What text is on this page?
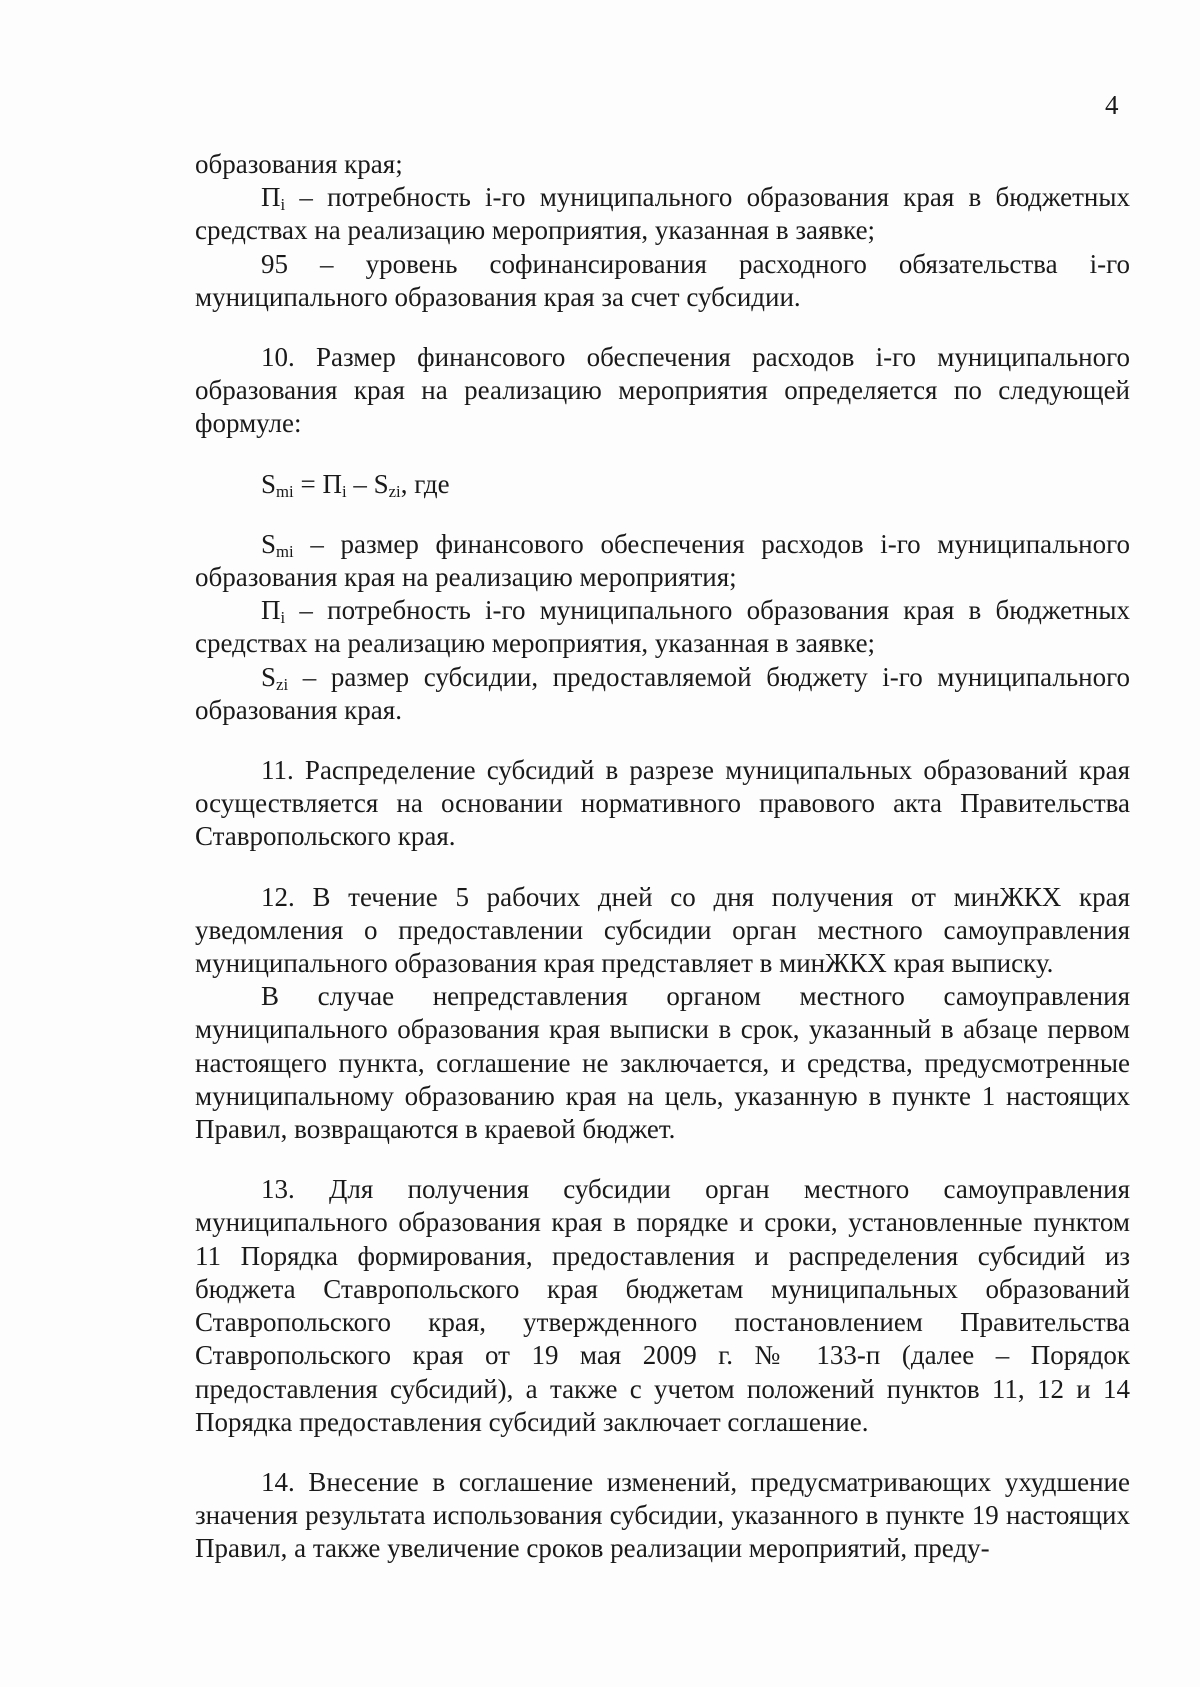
4

образования края;

$П_i$ – потребность i-го муниципального образования края в бюджетных средствах на реализацию мероприятия, указанная в заявке;

95 – уровень софинансирования расходного обязательства i-го муниципального образования края за счет субсидии.

10. Размер финансового обеспечения расходов i-го муниципального образования края на реализацию мероприятия определяется по следующей формуле:

$S_{mi} = П_i - S_{zi}$, где

$S_{mi}$ – размер финансового обеспечения расходов i-го муниципального образования края на реализацию мероприятия;

$П_i$ – потребность i-го муниципального образования края в бюджетных средствах на реализацию мероприятия, указанная в заявке;

$S_{zi}$ – размер субсидии, предоставляемой бюджету i-го муниципального образования края.

11. Распределение субсидий в разрезе муниципальных образований края осуществляется на основании нормативного правового акта Правительства Ставропольского края.

12. В течение 5 рабочих дней со дня получения от минЖКХ края уведомления о предоставлении субсидии орган местного самоуправления муниципального образования края представляет в минЖКХ края выписку.

В случае непредставления органом местного самоуправления муниципального образования края выписки в срок, указанный в абзаце первом настоящего пункта, соглашение не заключается, и средства, предусмотренные муниципальному образованию края на цель, указанную в пункте 1 настоящих Правил, возвращаются в краевой бюджет.

13. Для получения субсидии орган местного самоуправления муниципального образования края в порядке и сроки, установленные пунктом 11 Порядка формирования, предоставления и распределения субсидий из бюджета Ставропольского края бюджетам муниципальных образований Ставропольского края, утвержденного постановлением Правительства Ставропольского края от 19 мая 2009 г. № 133-п (далее – Порядок предоставления субсидий), а также с учетом положений пунктов 11, 12 и 14 Порядка предоставления субсидий заключает соглашение.

14. Внесение в соглашение изменений, предусматривающих ухудшение значения результата использования субсидии, указанного в пункте 19 настоящих Правил, а также увеличение сроков реализации мероприятий, преду-
